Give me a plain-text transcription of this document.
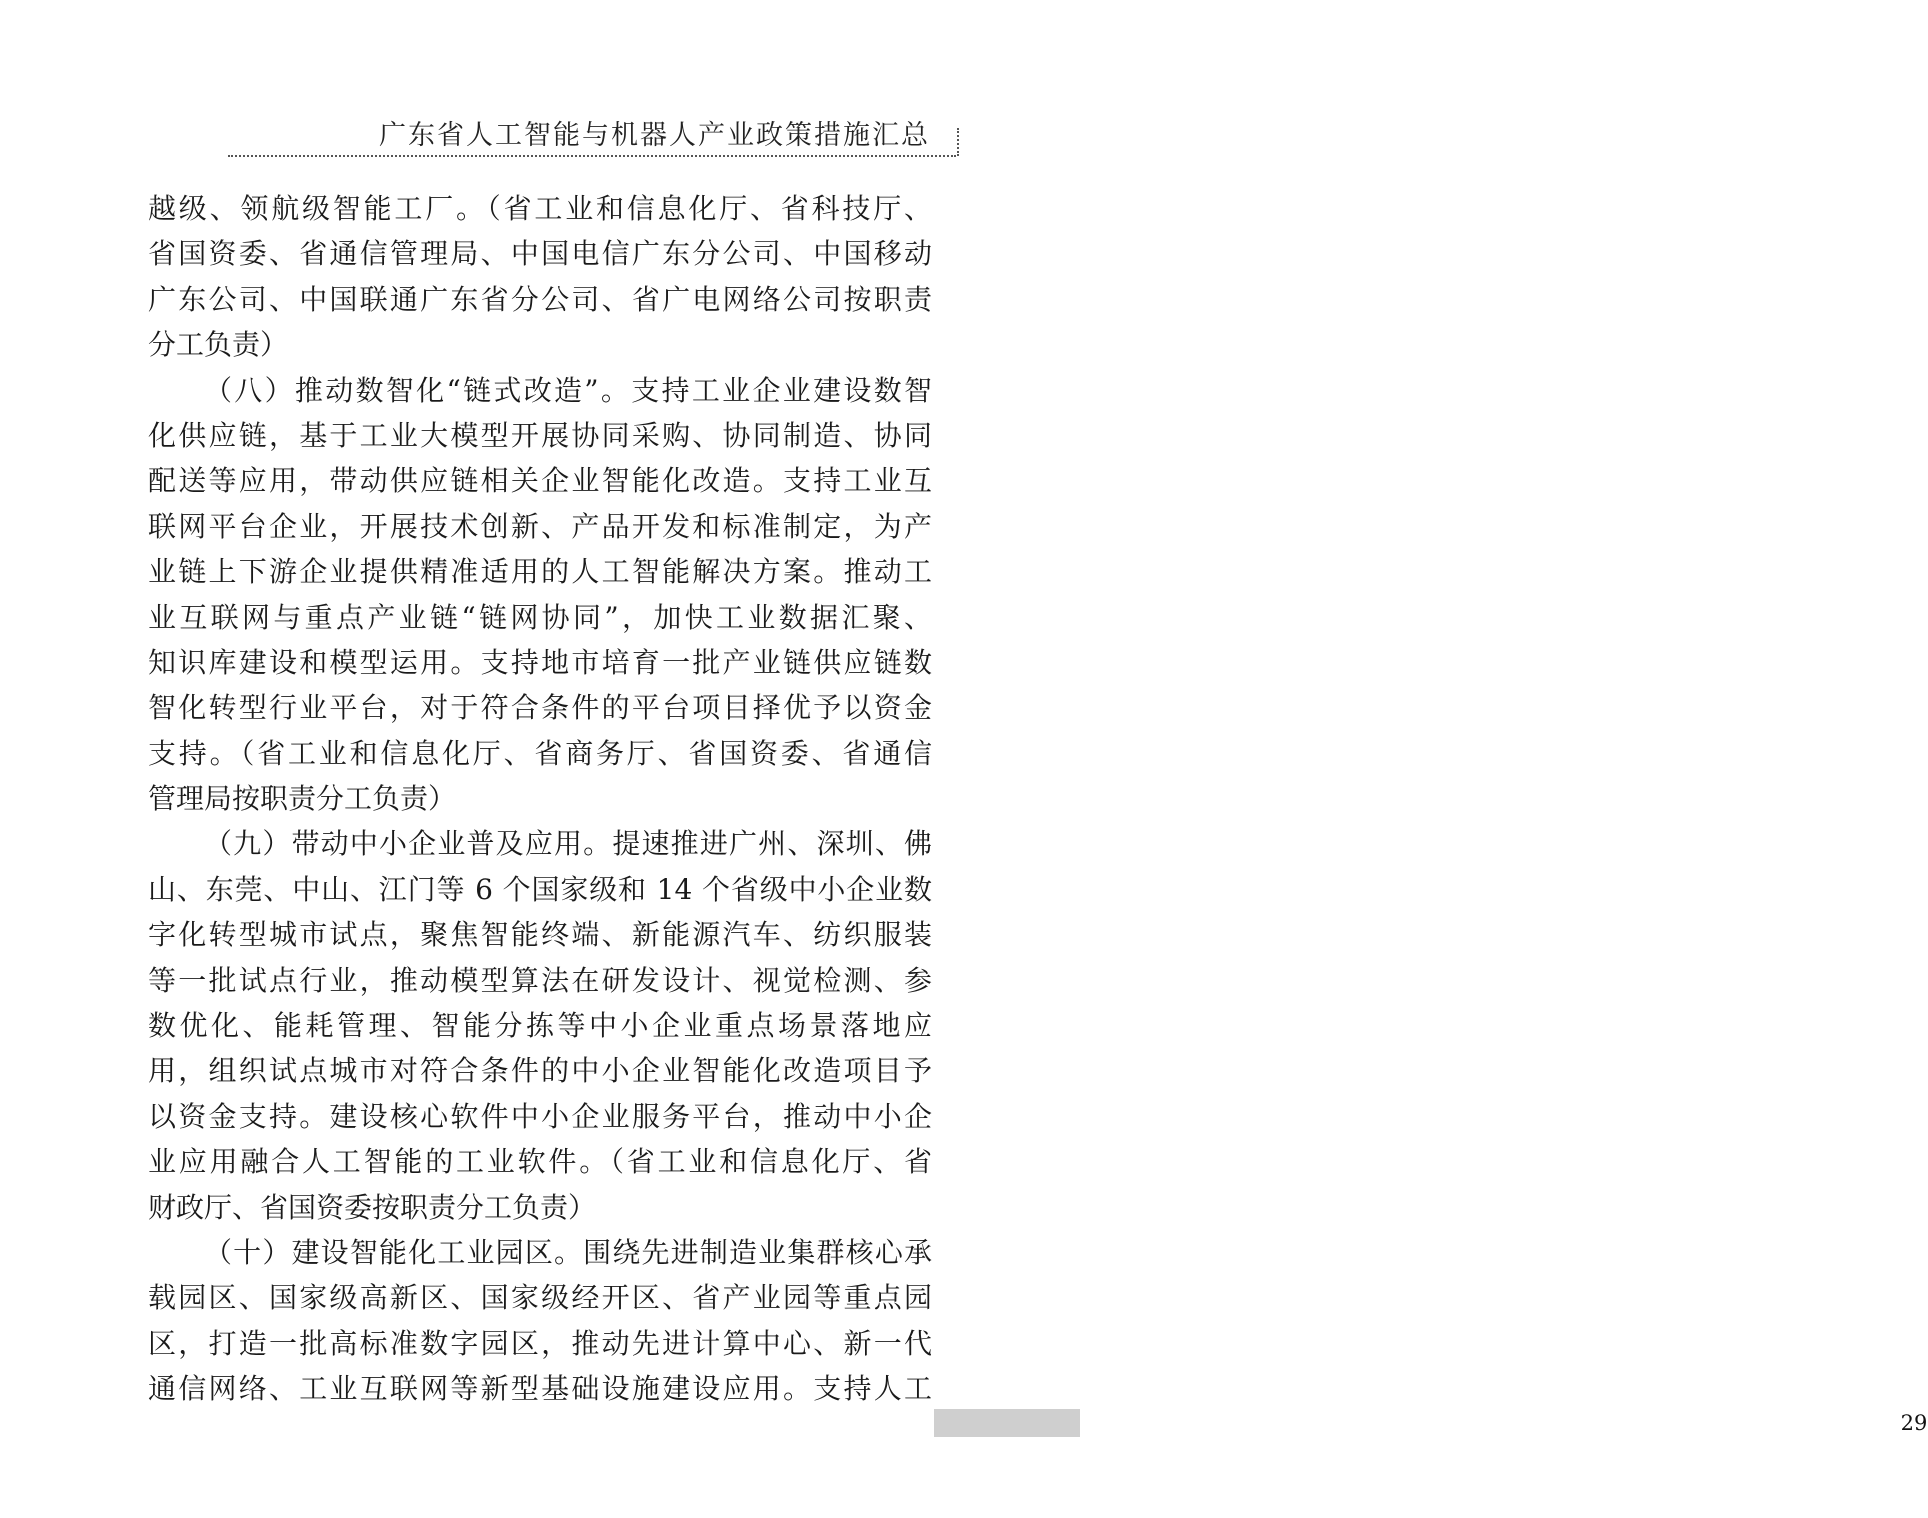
广东省人工智能与机器人产业政策措施汇总
越级、领航级智能工厂。（省工业和信息化厅、省科技厅、
省国资委、省通信管理局、中国电信广东分公司、中国移动
广东公司、中国联通广东省分公司、省广电网络公司按职责
分工负责）
（八）推动数智化“链式改造”。支持工业企业建设数智
化供应链，基于工业大模型开展协同采购、协同制造、协同
配送等应用，带动供应链相关企业智能化改造。支持工业互
联网平台企业，开展技术创新、产品开发和标准制定，为产
业链上下游企业提供精准适用的人工智能解决方案。推动工
业互联网与重点产业链“链网协同”，加快工业数据汇聚、
知识库建设和模型运用。支持地市培育一批产业链供应链数
智化转型行业平台，对于符合条件的平台项目择优予以资金
支持。（省工业和信息化厅、省商务厅、省国资委、省通信
管理局按职责分工负责）
（九）带动中小企业普及应用。提速推进广州、深圳、佛
山、东莞、中山、江门等 6 个国家级和 14 个省级中小企业数
字化转型城市试点，聚焦智能终端、新能源汽车、纺织服装
等一批试点行业，推动模型算法在研发设计、视觉检测、参
数优化、能耗管理、智能分拣等中小企业重点场景落地应
用，组织试点城市对符合条件的中小企业智能化改造项目予
以资金支持。建设核心软件中小企业服务平台，推动中小企
业应用融合人工智能的工业软件。（省工业和信息化厅、省
财政厅、省国资委按职责分工负责）
（十）建设智能化工业园区。围绕先进制造业集群核心承
载园区、国家级高新区、国家级经开区、省产业园等重点园
区，打造一批高标准数字园区，推动先进计算中心、新一代
通信网络、工业互联网等新型基础设施建设应用。支持人工
29
